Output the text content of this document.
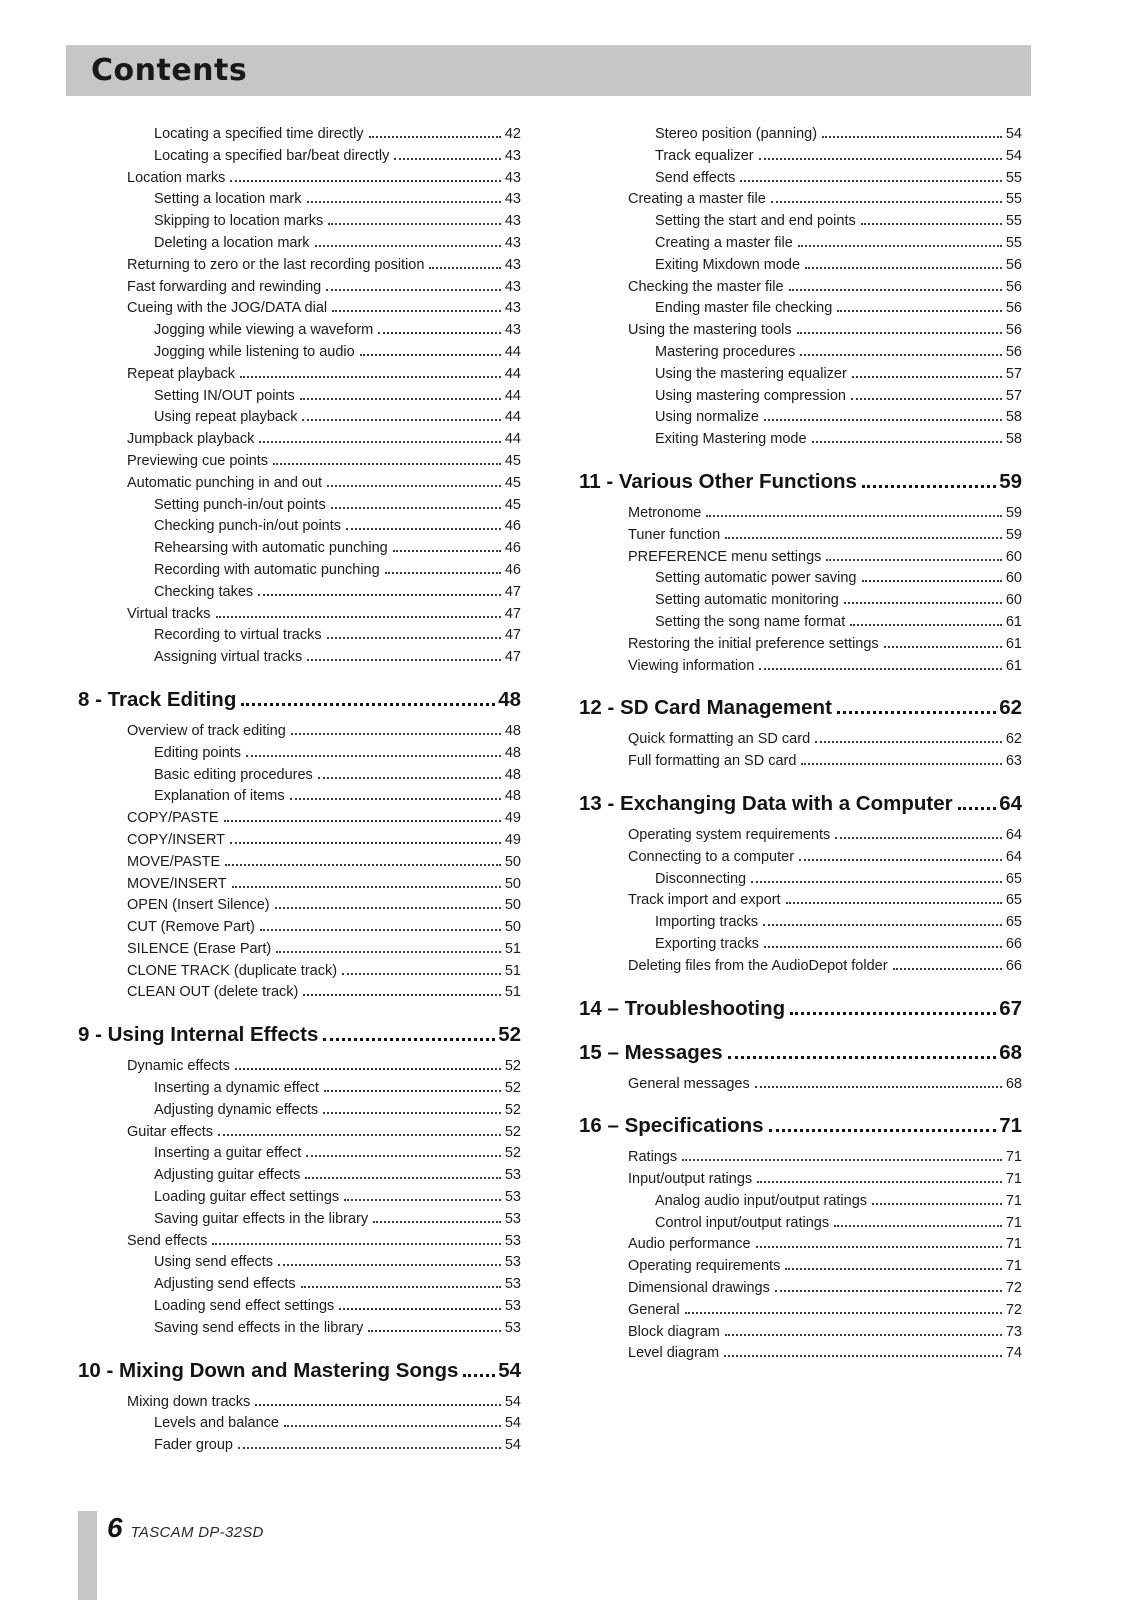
Contents
Locating a specified time directly	42
Locating a specified bar/beat directly	43
Location marks	43
Setting a location mark	43
Skipping to location marks	43
Deleting a location mark	43
Returning to zero or the last recording position	43
Fast forwarding and rewinding	43
Cueing with the JOG/DATA dial	43
Jogging while viewing a waveform	43
Jogging while listening to audio	44
Repeat playback	44
Setting IN/OUT points	44
Using repeat playback	44
Jumpback playback	44
Previewing cue points	45
Automatic punching in and out	45
Setting punch-in/out points	45
Checking punch-in/out points	46
Rehearsing with automatic punching	46
Recording with automatic punching	46
Checking takes	47
Virtual tracks	47
Recording to virtual tracks	47
Assigning virtual tracks	47
8 - Track Editing	48
Overview of track editing	48
Editing points	48
Basic editing procedures	48
Explanation of items	48
COPY/PASTE	49
COPY/INSERT	49
MOVE/PASTE	50
MOVE/INSERT	50
OPEN (Insert Silence)	50
CUT (Remove Part)	50
SILENCE (Erase Part)	51
CLONE TRACK (duplicate track)	51
CLEAN OUT (delete track)	51
9 - Using Internal Effects	52
Dynamic effects	52
Inserting a dynamic effect	52
Adjusting dynamic effects	52
Guitar effects	52
Inserting a guitar effect	52
Adjusting guitar effects	53
Loading guitar effect settings	53
Saving guitar effects in the library	53
Send effects	53
Using send effects	53
Adjusting send effects	53
Loading send effect settings	53
Saving send effects in the library	53
10 - Mixing Down and Mastering Songs 54
Mixing down tracks	54
Levels and balance	54
Fader group	54
Stereo position (panning)	54
Track equalizer	54
Send effects	55
Creating a master file	55
Setting the start and end points	55
Creating a master file	55
Exiting Mixdown mode	56
Checking the master file	56
Ending master file checking	56
Using the mastering tools	56
Mastering procedures	56
Using the mastering equalizer	57
Using mastering compression	57
Using normalize	58
Exiting Mastering mode	58
11 - Various Other Functions	59
Metronome	59
Tuner function	59
PREFERENCE menu settings	60
Setting automatic power saving	60
Setting automatic monitoring	60
Setting the song name format	61
Restoring the initial preference settings	61
Viewing information	61
12 - SD Card Management	62
Quick formatting an SD card	62
Full formatting an SD card	63
13 - Exchanging Data with a Computer 64
Operating system requirements	64
Connecting to a computer	64
Disconnecting	65
Track import and export	65
Importing tracks	65
Exporting tracks	66
Deleting files from the AudioDepot folder	66
14 – Troubleshooting	67
15 – Messages	68
General messages	68
16 – Specifications	71
Ratings	71
Input/output ratings	71
Analog audio input/output ratings	71
Control input/output ratings	71
Audio performance	71
Operating requirements	71
Dimensional drawings	72
General	72
Block diagram	73
Level diagram	74
6 TASCAM DP-32SD
